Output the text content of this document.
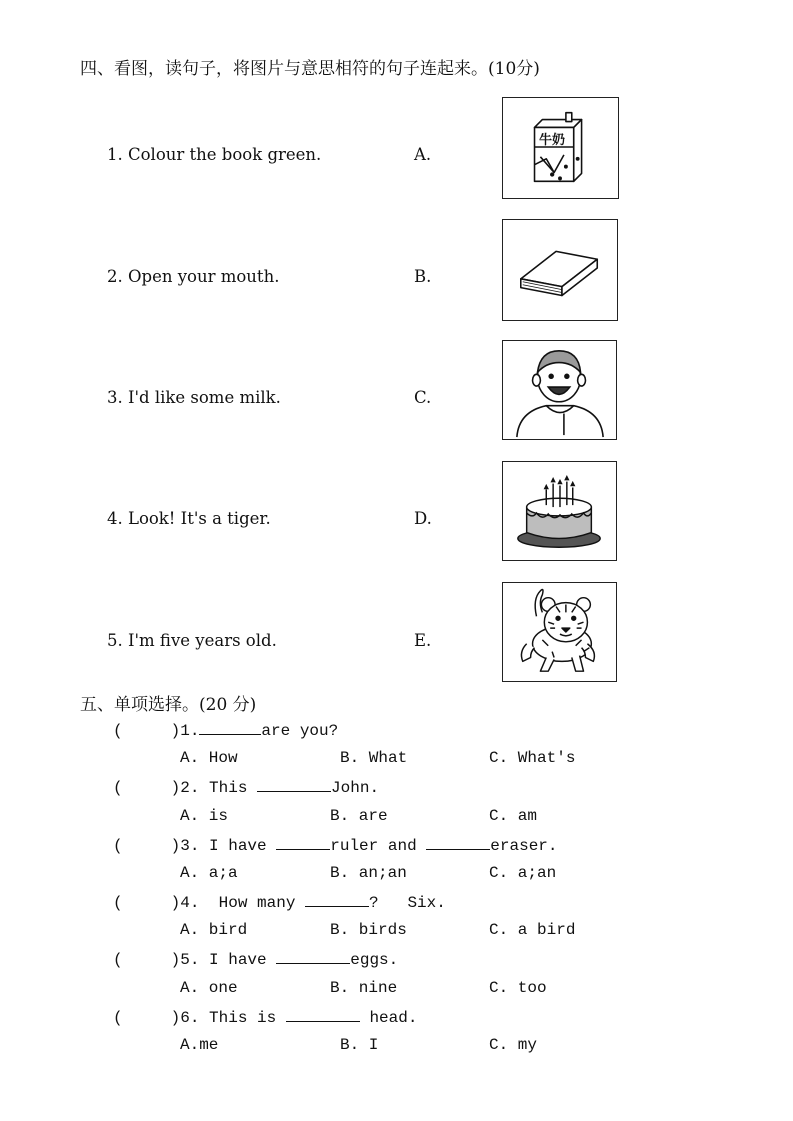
四、看图，读句子，将图片与意思相符的句子连起来。(10分)
1. Colour the book green.	A.
2. Open your mouth.	B.
3. I'd like some milk.	C.
4. Look! It's a tiger.	D.
5. I'm five years old.	E.
牛奶
五、单项选择。(20 分)
(     )1.	are you?
A. How	B. What	C. What's
(     )2. This	John.
A. is	B. are	C. am
(     )3. I have	ruler and	eraser.
A. a;a	B. an;an	C. a;an
(     )4.  How many	?   Six.
A. bird	B. birds	C. a bird
(     )5. I have	eggs.
A. one	B. nine	C. too
(     )6. This is	head.
A.me	B. I	C. my
